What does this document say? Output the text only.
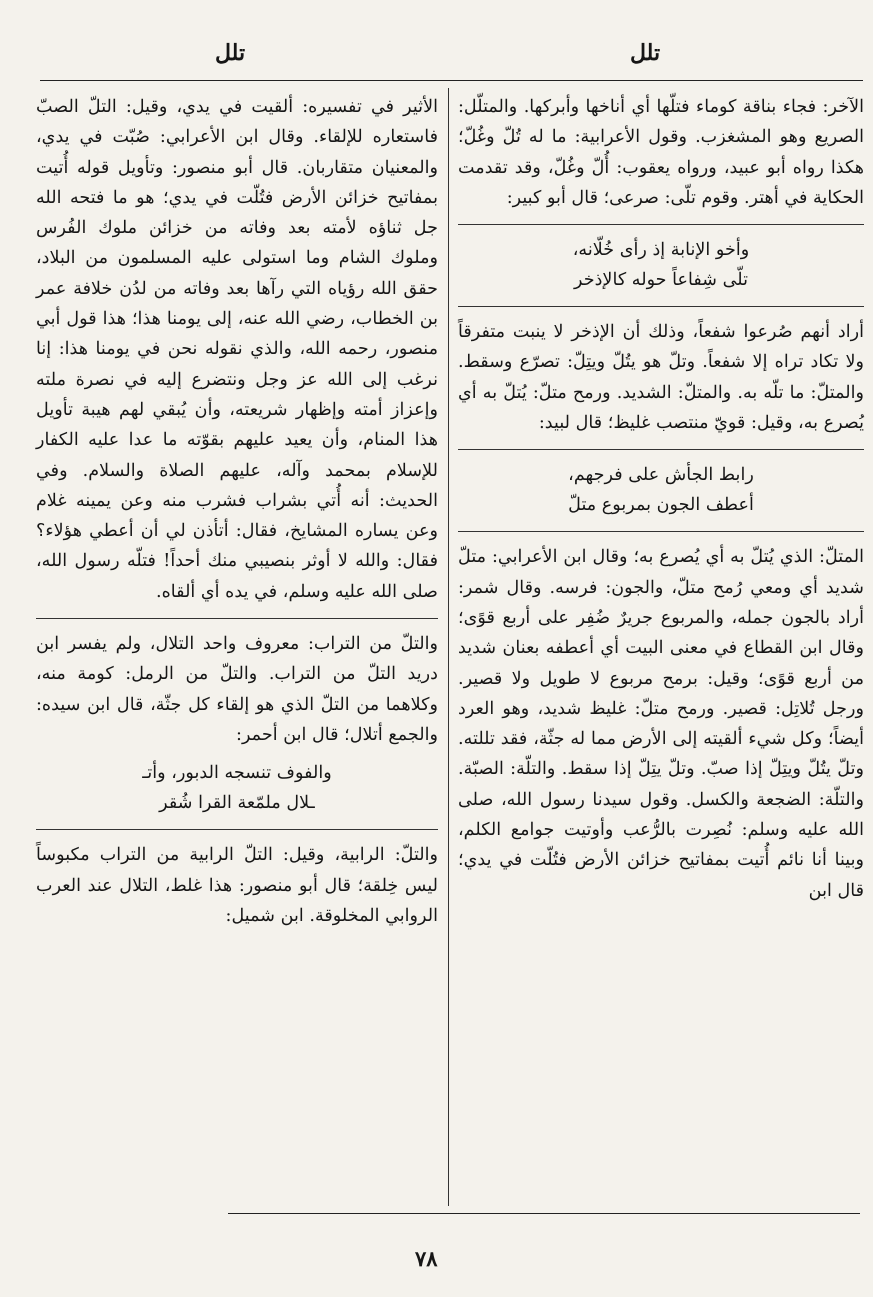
تلل
تلل

الآخر: فجاء بناقة كوماء فتلّها أي أناخها وأبركها. والمتلّل: الصريع وهو المشغزب. وقول الأعرابية: ما له تُلّ وغُلّ؛ هكذا رواه أبو عبيد، ورواه يعقوب: أُلّ وغُلّ، وقد تقدمت الحكاية في أهتر. وقوم تلّى: صرعى؛ قال أبو كبير:

وأخو الإنابة إذ رأى خُلّانه،
تلّى شِفاعاً حوله كالإذخر

أراد أنهم صُرعوا شفعاً، وذلك أن الإذخر لا ينبت متفرقاً ولا تكاد تراه إلا شفعاً. وتلّ هو يتُلّ ويتِلّ: تصرّع وسقط. والمتلّ: ما تلّه به. والمتلّ: الشديد. ورمح متلّ: يُتلّ به أي يُصرع به، وقيل: قويّ منتصب غليظ؛ قال لبيد:

رابط الجأش على فرجهم،
أعطف الجون بمربوع متلّ

المتلّ: الذي يُتلّ به أي يُصرع به؛ وقال ابن الأعرابي: متلّ شديد أي ومعي رُمح متلّ، والجون: فرسه. وقال شمر: أراد بالجون جمله، والمربوع جريرٌ ضُفِر على أربع قوًى؛ وقال ابن القطاع في معنى البيت أي أعطفه بعنان شديد من أربع قوًى؛ وقيل: برمح مربوع لا طويل ولا قصير. ورجل تُلاتِل: قصير. ورمح متلّ: غليظ شديد، وهو العرد أيضاً؛ وكل شيء ألقيته إلى الأرض مما له جثّة، فقد تللته. وتلّ يتُلّ ويتِلّ إذا صبّ. وتلّ يتِلّ إذا سقط. والتلّة: الصبّة. والتلّة: الضجعة والكسل. وقول سيدنا رسول الله، صلى الله عليه وسلم: نُصِرت بالرُّعب وأوتيت جوامع الكلم، وبينا أنا نائم أُتيت بمفاتيح خزائن الأرض فتُلّت في يدي؛ قال ابن

الأثير في تفسيره: ألقيت في يدي، وقيل: التلّ الصبّ فاستعاره للإلقاء. وقال ابن الأعرابي: صُبّت في يدي، والمعنيان متقاربان. قال أبو منصور: وتأويل قوله أُتيت بمفاتيح خزائن الأرض فتُلّت في يدي؛ هو ما فتحه الله جل ثناؤه لأمته بعد وفاته من خزائن ملوك الفُرس وملوك الشام وما استولى عليه المسلمون من البلاد، حقق الله رؤياه التي رآها بعد وفاته من لدُن خلافة عمر بن الخطاب، رضي الله عنه، إلى يومنا هذا؛ هذا قول أبي منصور، رحمه الله، والذي نقوله نحن في يومنا هذا: إنا نرغب إلى الله عز وجل ونتضرع إليه في نصرة ملته وإعزاز أمته وإظهار شريعته، وأن يُبقي لهم هيبة تأويل هذا المنام، وأن يعيد عليهم بقوّته ما عدا عليه الكفار للإسلام بمحمد وآله، عليهم الصلاة والسلام. وفي الحديث: أنه أُتي بشراب فشرب منه وعن يمينه غلام وعن يساره المشايخ، فقال: أتأذن لي أن أعطي هؤلاء؟ فقال: والله لا أوثر بنصيبي منك أحداً! فتلّه رسول الله، صلى الله عليه وسلم، في يده أي ألقاه.

والتلّ من التراب: معروف واحد التلال، ولم يفسر ابن دريد التلّ من التراب. والتلّ من الرمل: كومة منه، وكلاهما من التلّ الذي هو إلقاء كل جثّة، قال ابن سيده: والجمع أتلال؛ قال ابن أحمر:

والفوف تنسجه الدبور، وأتـ
ـلال ملمّعة القرا شُقر

والتلّ: الرابية، وقيل: التلّ الرابية من التراب مكبوساً ليس خِلقة؛ قال أبو منصور: هذا غلط، التلال عند العرب الروابي المخلوقة. ابن شميل:

٧٨
